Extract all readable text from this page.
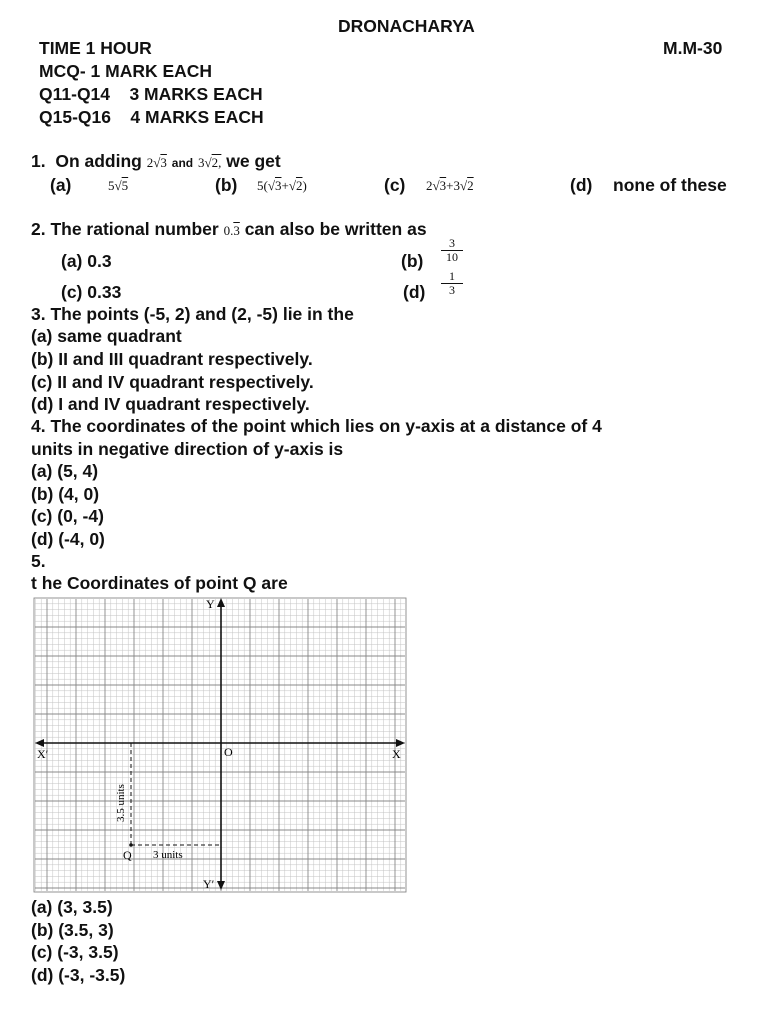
DRONACHARYA
TIME 1 HOUR	M.M-30
MCQ- 1 MARK EACH
Q11-Q14    3 MARKS EACH
Q15-Q16    4 MARKS EACH
1. On adding 2√3 and 3√2, we get
(a)	5√5	(b) 5(√3+√2)	(c) 2√3+3√2	(d) none of these
2. The rational number 0.3 can also be written as
(a) 0.3	$(b) \frac{3}{10}$
(c) 0.33	$(d) \frac{1}{3}$
3. The points (-5, 2) and (2, -5) lie in the
(a) same quadrant
(b) II and III quadrant respectively.
(c) II and IV quadrant respectively.
(d) I and IV quadrant respectively.
4. The coordinates of the point which lies on y-axis at a distance of 4
units in negative direction of y-axis is
(a) (5, 4)
(b) (4, 0)
(c) (0, -4)
(d) (-4, 0)
5.
t he Coordinates of point Q are
Y
Y′
X
X′	O
Q 3 units
3.5 units
(a) (3, 3.5)
(b) (3.5, 3)
(c) (-3, 3.5)
(d) (-3, -3.5)
